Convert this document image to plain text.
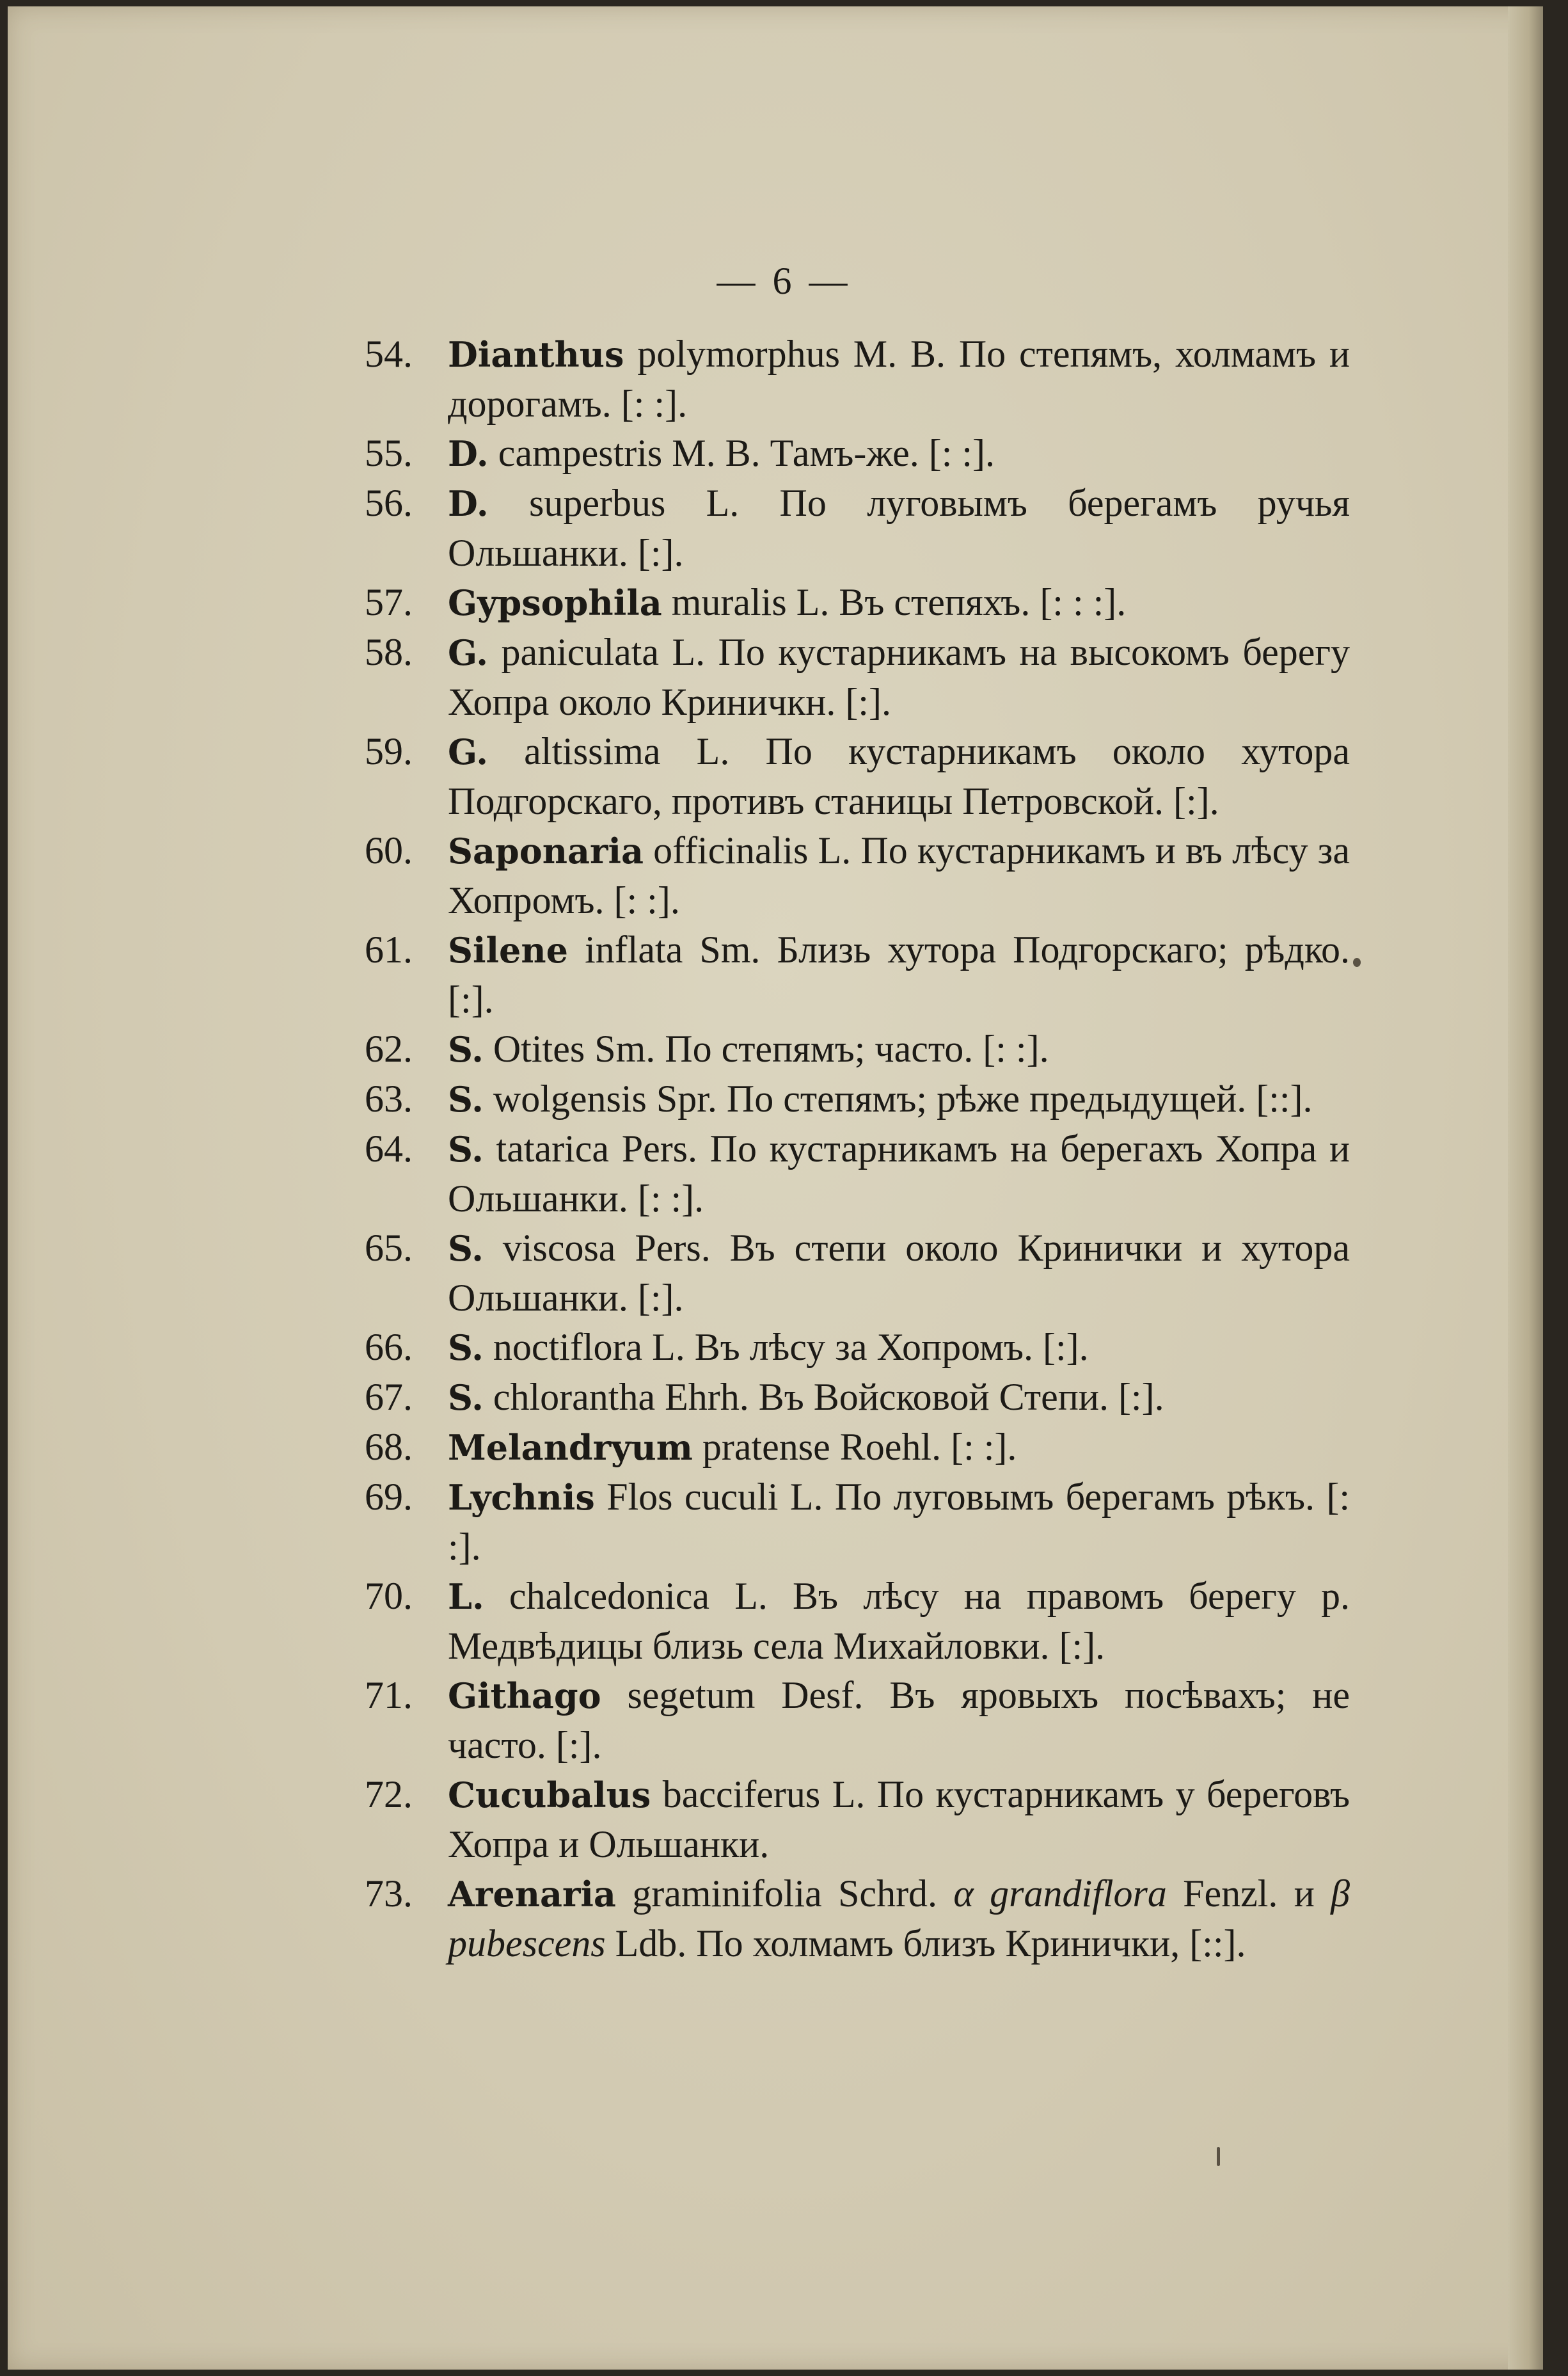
— 6 —

54.	Dianthus polymorphus M. B. По степямъ, холмамъ и дорогамъ. [: :].

55.	D. campestris M. B. Тамъ-же. [: :].

56.	D. superbus L. По луговымъ берегамъ ручья Ольшанки. [:].

57.	Gypsophila muralis L. Въ степяхъ. [: : :].

58.	G. paniculata L. По кустарникамъ на высокомъ берегу Хопра около Криничкн. [:].

59.	G. altissima L. По кустарникамъ около хутора Подгорскаго, противъ станицы Петровской. [:].

60.	Saponaria officinalis L. По кустарникамъ и въ лѣсу за Хопромъ. [: :].

61.	Silene inflata Sm. Близь хутора Подгорскаго; рѣдко. [:].

62.	S. Otites Sm. По степямъ; часто. [: :].

63.	S. wolgensis Spr. По степямъ; рѣже предыдущей. [::].

64.	S. tatarica Pers. По кустарникамъ на берегахъ Хопра и Ольшанки. [: :].

65.	S. viscosa Pers. Въ степи около Кринички и хутора Ольшанки. [:].

66.	S. noctiflora L. Въ лѣсу за Хопромъ. [:].

67.	S. chlorantha Ehrh. Въ Войсковой Степи. [:].

68.	Melandryum pratense Roehl. [: :].

69.	Lychnis Flos cuculi L. По луговымъ берегамъ рѣкъ. [: :].

70.	L. chalcedonica L. Въ лѣсу на правомъ берегу р. Медвѣдицы близь села Михайловки. [:].

71.	Githago segetum Desf. Въ яровыхъ посѣвахъ; не часто. [:].

72.	Cucubalus bacciferus L. По кустарникамъ у береговъ Хопра и Ольшанки.

73.	Arenaria graminifolia Schrd. α grandiflora Fenzl. и β pubescens Ldb. По холмамъ близъ Кринички, [::].
